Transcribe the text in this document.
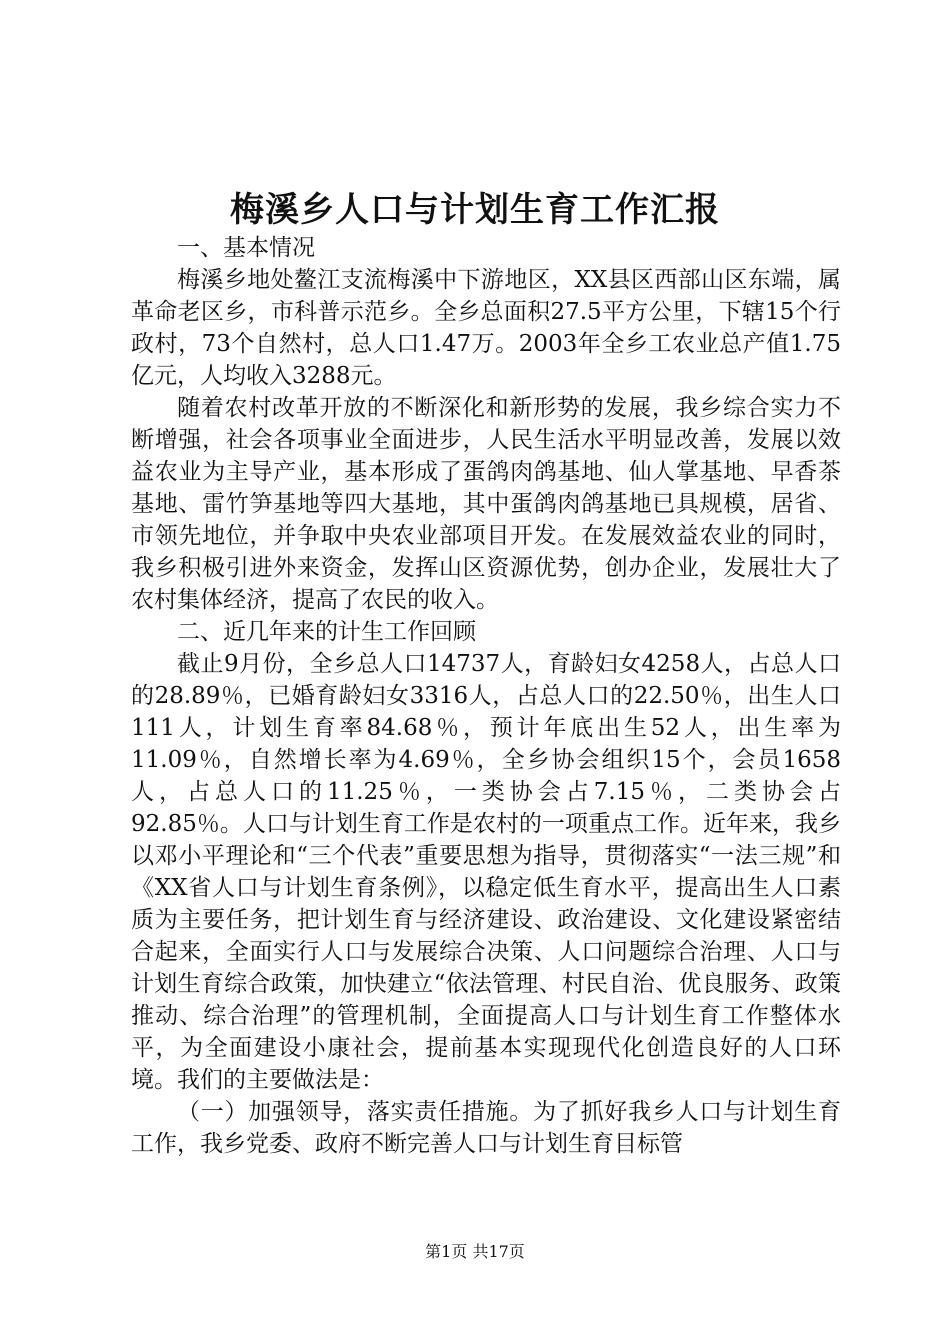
梅溪乡人口与计划生育工作汇报

一、基本情况

梅溪乡地处鳌江支流梅溪中下游地区，XX县区西部山区东端，属革命老区乡，市科普示范乡。全乡总面积27.5平方公里，下辖15个行政村，73个自然村，总人口1.47万。2003年全乡工农业总产值1.75亿元，人均收入3288元。

随着农村改革开放的不断深化和新形势的发展，我乡综合实力不断增强，社会各项事业全面进步，人民生活水平明显改善，发展以效益农业为主导产业，基本形成了蛋鸽肉鸽基地、仙人掌基地、早香茶基地、雷竹笋基地等四大基地，其中蛋鸽肉鸽基地已具规模，居省、市领先地位，并争取中央农业部项目开发。在发展效益农业的同时，我乡积极引进外来资金，发挥山区资源优势，创办企业，发展壮大了农村集体经济，提高了农民的收入。

二、近几年来的计生工作回顾

截止9月份，全乡总人口14737人，育龄妇女4258人，占总人口的28.89％，已婚育龄妇女3316人，占总人口的22.50％，出生人口111人，计划生育率84.68％，预计年底出生52人，出生率为11.09％，自然增长率为4.69％，全乡协会组织15个，会员1658人，占总人口的11.25％，一类协会占7.15％，二类协会占92.85％。人口与计划生育工作是农村的一项重点工作。近年来，我乡以邓小平理论和“三个代表”重要思想为指导，贯彻落实“一法三规”和《XX省人口与计划生育条例》，以稳定低生育水平，提高出生人口素质为主要任务，把计划生育与经济建设、政治建设、文化建设紧密结合起来，全面实行人口与发展综合决策、人口问题综合治理、人口与计划生育综合政策，加快建立“依法管理、村民自治、优良服务、政策推动、综合治理”的管理机制，全面提高人口与计划生育工作整体水平，为全面建设小康社会，提前基本实现现代化创造良好的人口环境。我们的主要做法是：

（一）加强领导，落实责任措施。为了抓好我乡人口与计划生育工作，我乡党委、政府不断完善人口与计划生育目标管

第1页 共17页
